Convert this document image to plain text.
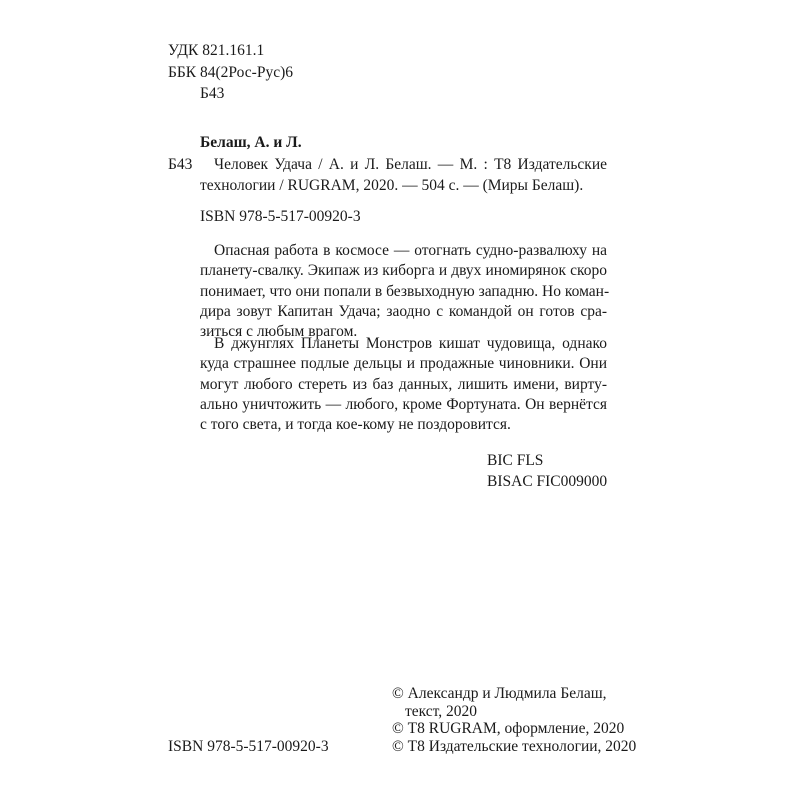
УДК 821.161.1
ББК 84(2Рос-Рус)6
Б43
Белаш, А. и Л.
Б43 Человек Удача / А. и Л. Белаш. — М. : Т8 Издательские
технологии / RUGRAM, 2020. — 504 с. — (Миры Белаш).
ISBN 978-5-517-00920-3
Опасная работа в космосе — отогнать судно-развалюху на
планету-свалку. Экипаж из киборга и двух иномирянок скоро
понимает, что они попали в безвыходную западню. Но коман-
дира зовут Капитан Удача; заодно с командой он готов сра-
зиться с любым врагом.
В джунглях Планеты Монстров кишат чудовища, однако
куда страшнее подлые дельцы и продажные чиновники. Они
могут любого стереть из баз данных, лишить имени, вирту-
ально уничтожить — любого, кроме Фортуната. Он вернётся
с того света, и тогда кое-кому не поздоровится.
BIC FLS
BISAC FIC009000
© Александр и Людмила Белаш,
текст, 2020
© Т8 RUGRAM, оформление, 2020
© Т8 Издательские технологии, 2020
ISBN 978-5-517-00920-3
